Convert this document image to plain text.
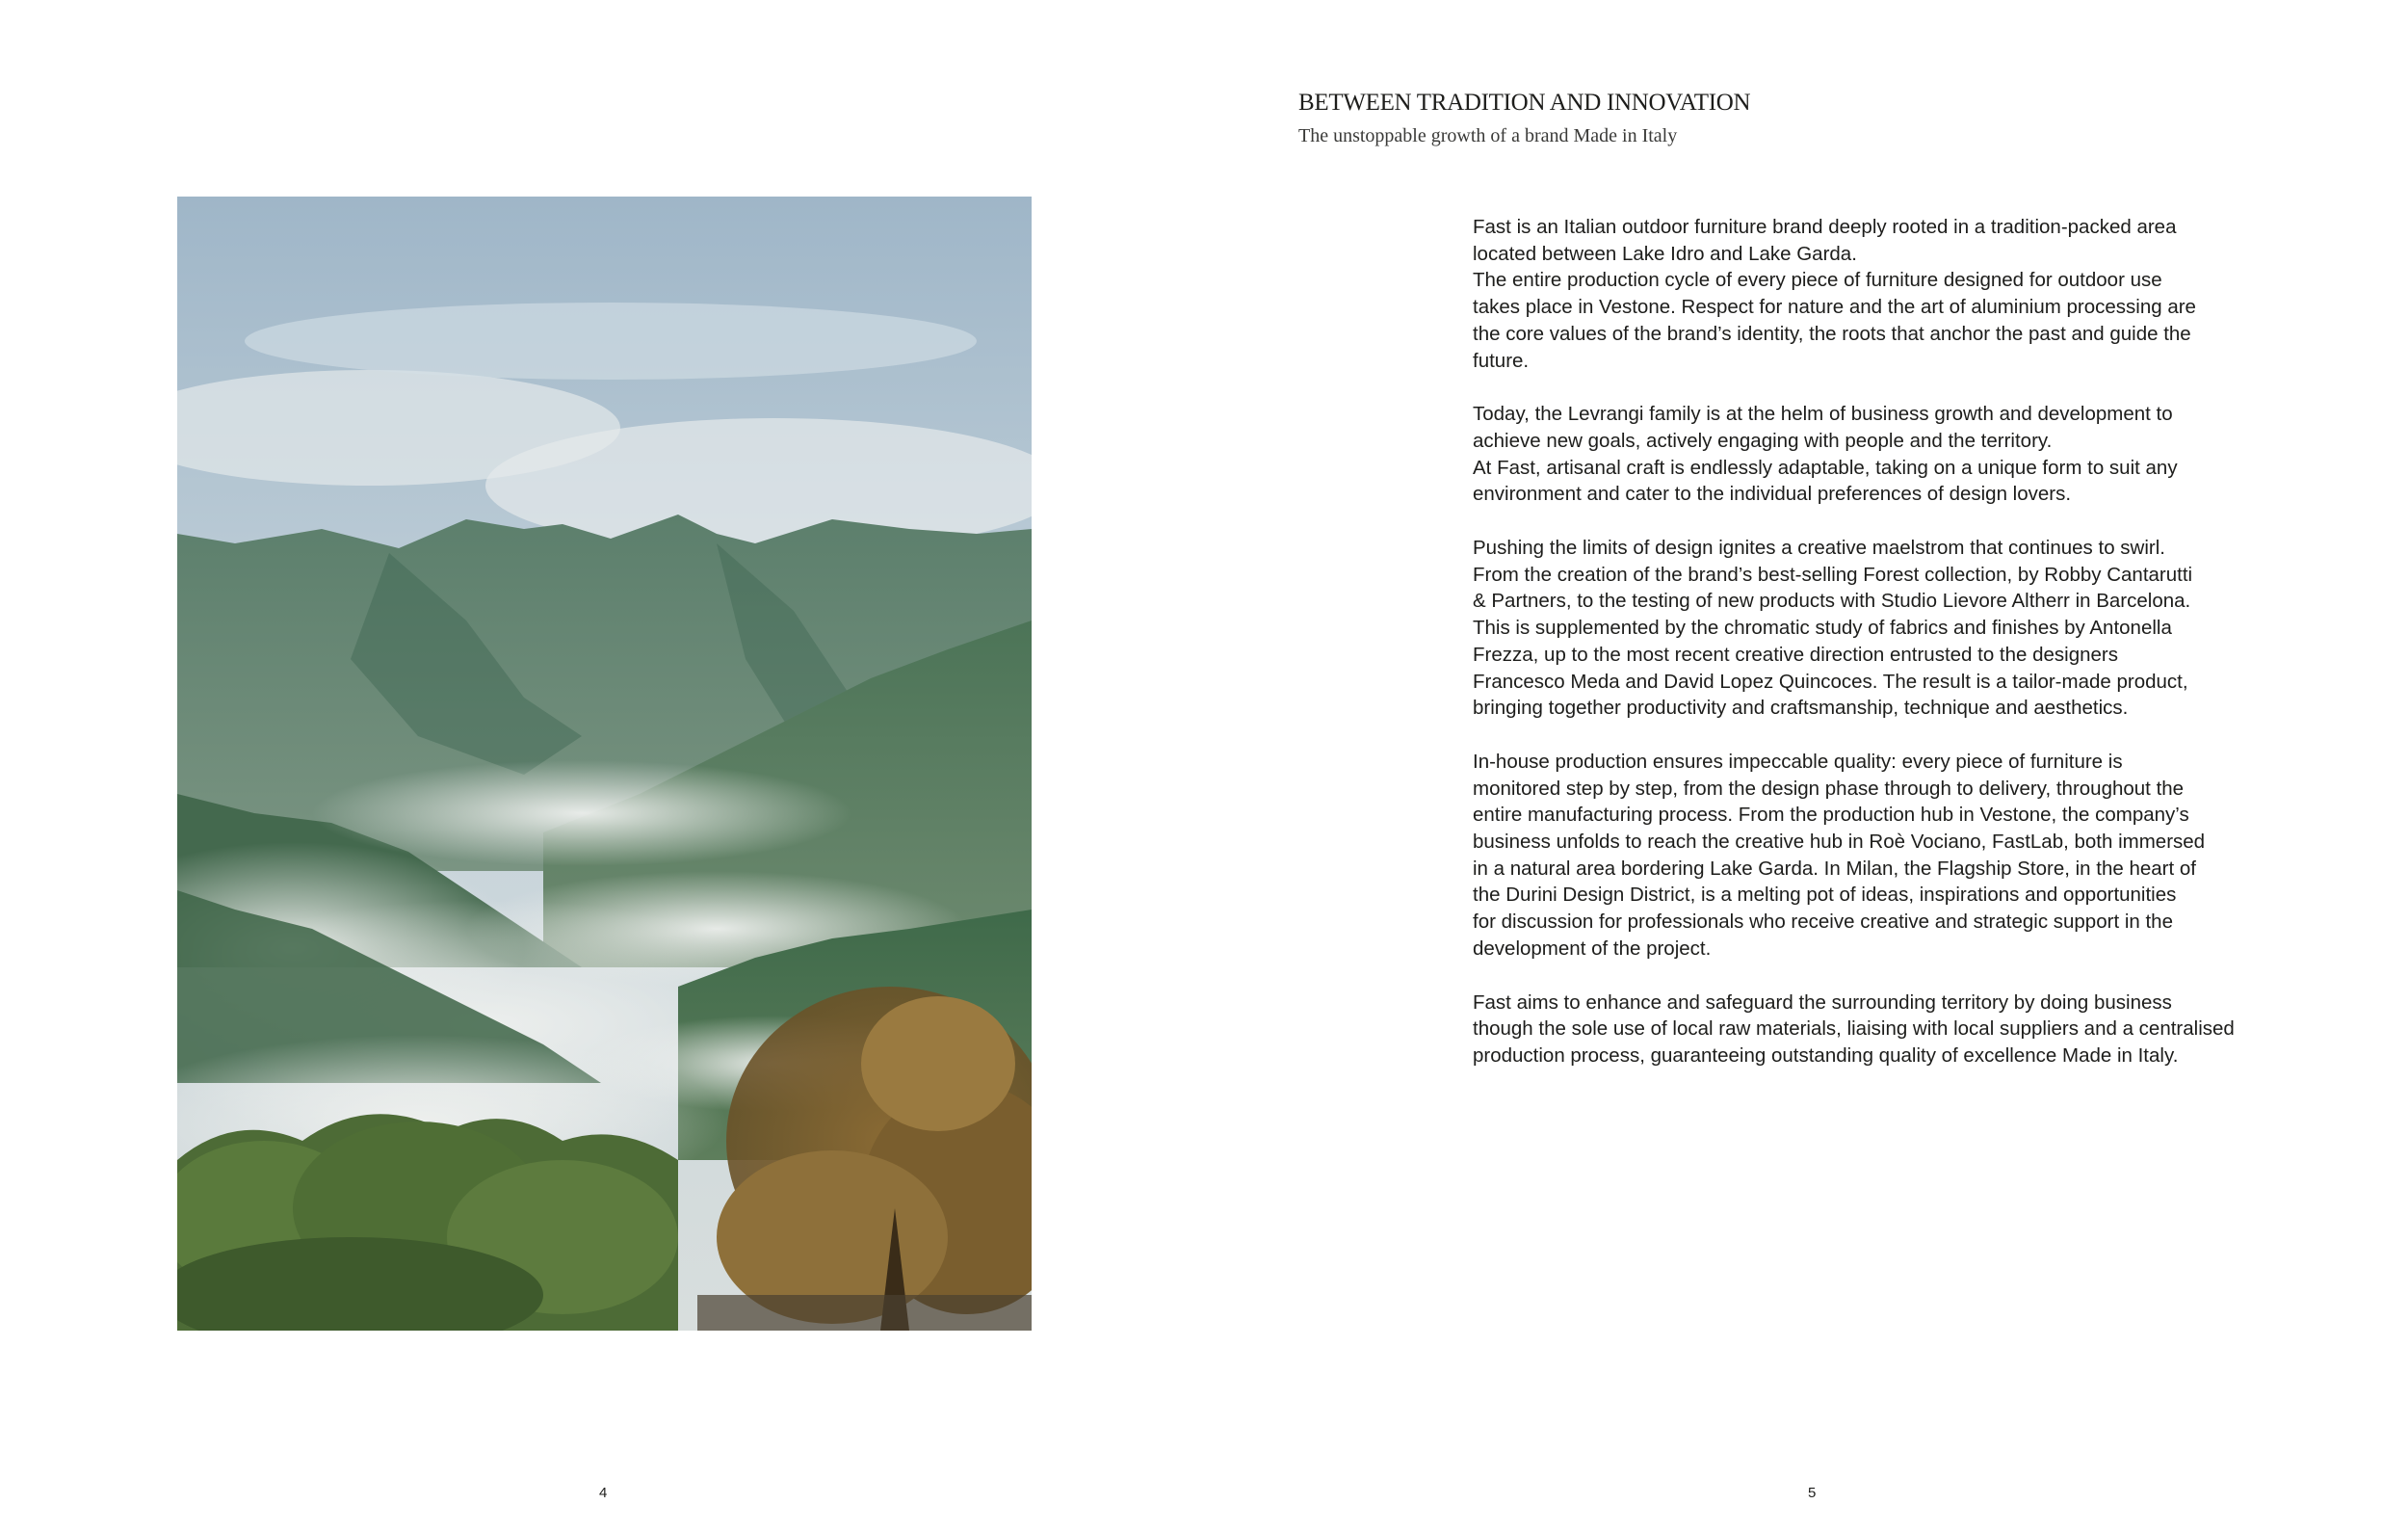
4
BETWEEN TRADITION AND INNOVATION
The unstoppable growth of a brand Made in Italy

Fast is an Italian outdoor furniture brand deeply rooted in a tradition-packed area
located between Lake Idro and Lake Garda.
The entire production cycle of every piece of furniture designed for outdoor use
takes place in Vestone. Respect for nature and the art of aluminium processing are
the core values of the brand’s identity, the roots that anchor the past and guide the
future.

Today, the Levrangi family is at the helm of business growth and development to
achieve new goals, actively engaging with people and the territory.
At Fast, artisanal craft is endlessly adaptable, taking on a unique form to suit any
environment and cater to the individual preferences of design lovers.

Pushing the limits of design ignites a creative maelstrom that continues to swirl.
From the creation of the brand’s best-selling Forest collection, by Robby Cantarutti
& Partners, to the testing of new products with Studio Lievore Altherr in Barcelona.
This is supplemented by the chromatic study of fabrics and finishes by Antonella
Frezza, up to the most recent creative direction entrusted to the designers
Francesco Meda and David Lopez Quincoces. The result is a tailor-made product,
bringing together productivity and craftsmanship, technique and aesthetics.

In-house production ensures impeccable quality: every piece of furniture is
monitored step by step, from the design phase through to delivery, throughout the
entire manufacturing process. From the production hub in Vestone, the company’s
business unfolds to reach the creative hub in Roè Vociano, FastLab, both immersed
in a natural area bordering Lake Garda. In Milan, the Flagship Store, in the heart of
the Durini Design District, is a melting pot of ideas, inspirations and opportunities
for discussion for professionals who receive creative and strategic support in the
development of the project.

Fast aims to enhance and safeguard the surrounding territory by doing business
though the sole use of local raw materials, liaising with local suppliers and a centralised
production process, guaranteeing outstanding quality of excellence Made in Italy.

5
